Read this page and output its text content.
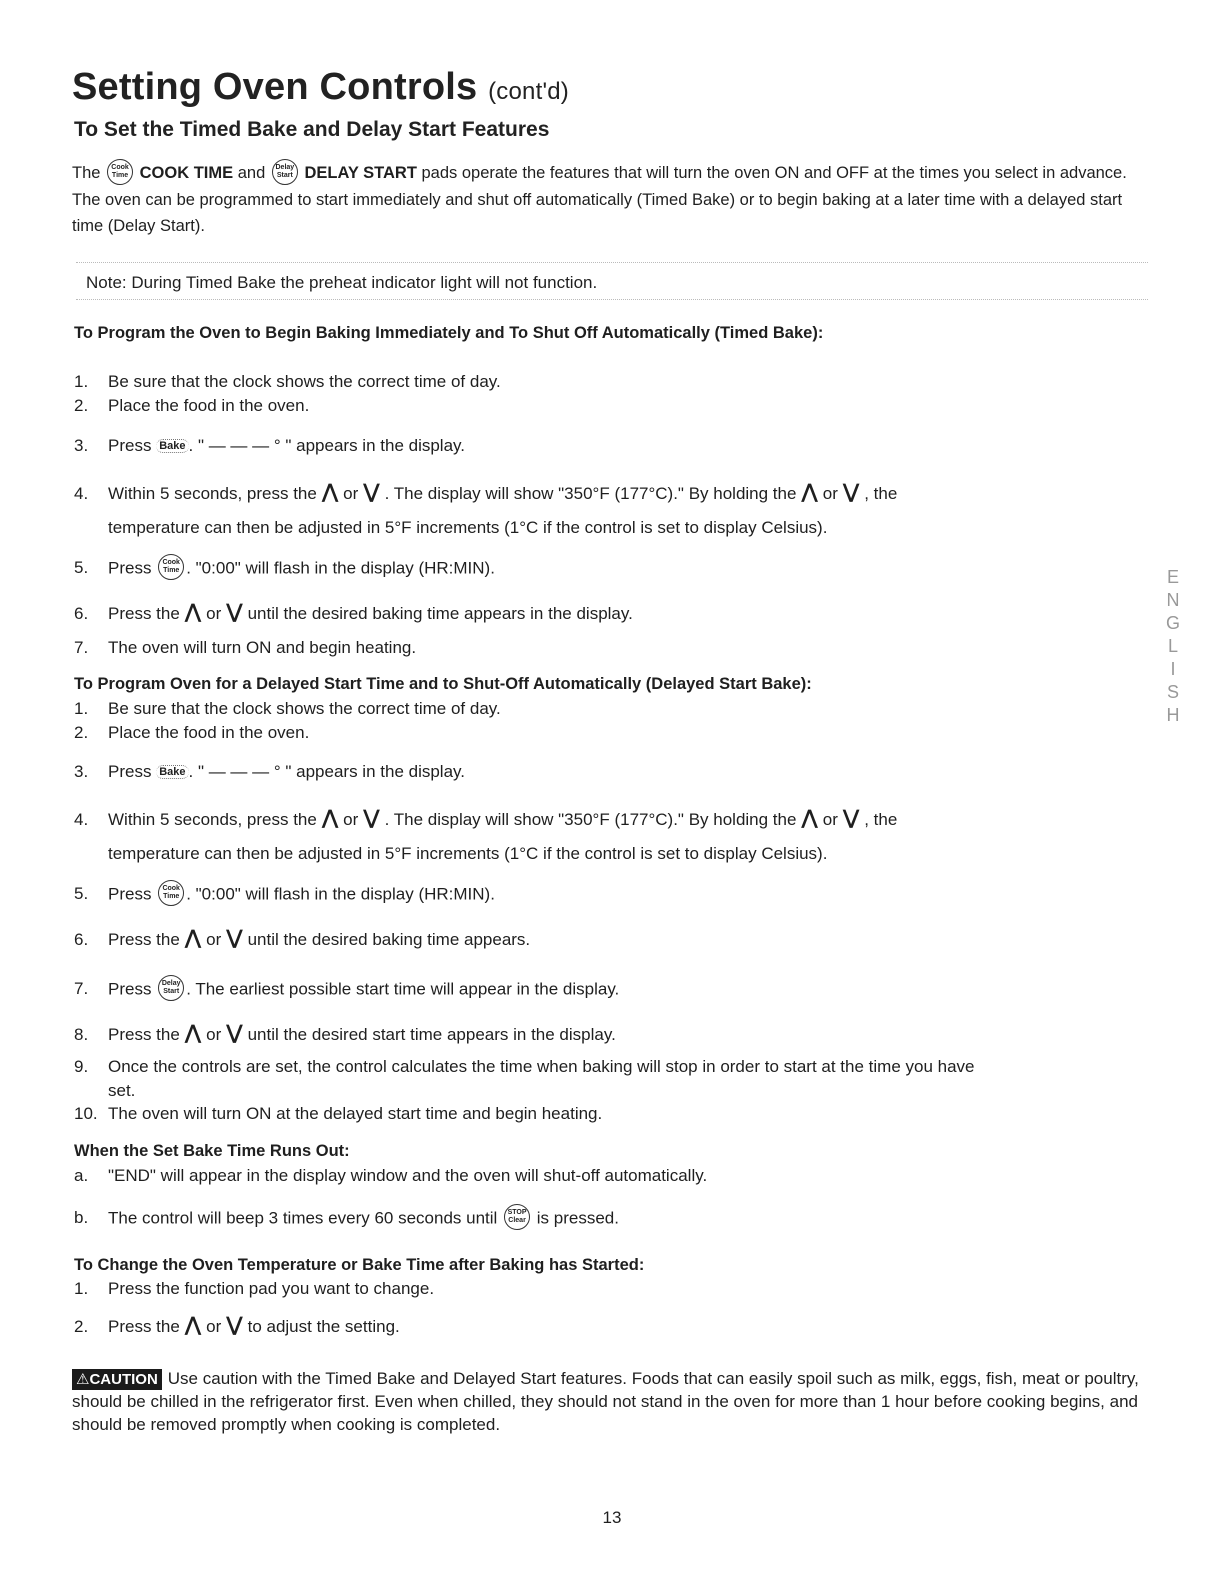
Setting Oven Controls (cont'd)
To Set the Timed Bake and Delay Start Features
The Cook
Time COOK TIME and Delay
Start DELAY START pads operate the features that will turn the oven ON and OFF at the times you select in advance. The oven can be programmed to start immediately and shut off automatically (Timed Bake) or to begin baking at a later time with a delayed start time (Delay Start).
Note: During Timed Bake the preheat indicator light will not function.
To Program the Oven to Begin Baking Immediately and To Shut Off Automatically (Timed Bake):
1. Be sure that the clock shows the correct time of day.
2. Place the food in the oven.
3. Press Bake . " — — — ° " appears in the display.
4. Within 5 seconds, press the ⋀ or ⋁ . The display will show "350°F (177°C)." By holding the ⋀ or ⋁ , the
temperature can then be adjusted in 5°F increments (1°C if the control is set to display Celsius).
5. Press Cook
Time . "0:00" will flash in the display (HR:MIN).
6. Press the ⋀ or ⋁ until the desired baking time appears in the display.
7. The oven will turn ON and begin heating.
To Program Oven for a Delayed Start Time and to Shut-Off Automatically (Delayed Start Bake):
1. Be sure that the clock shows the correct time of day.
2. Place the food in the oven.
3. Press Bake . " — — — ° " appears in the display.
4. Within 5 seconds, press the ⋀ or ⋁ . The display will show "350°F (177°C)." By holding the ⋀ or ⋁ , the
temperature can then be adjusted in 5°F increments (1°C if the control is set to display Celsius).
5. Press Cook
Time . "0:00" will flash in the display (HR:MIN).
6. Press the ⋀ or ⋁ until the desired baking time appears.
7. Press Delay
Start . The earliest possible start time will appear in the display.
8. Press the ⋀ or ⋁ until the desired start time appears in the display.
9. Once the controls are set, the control calculates the time when baking will stop in order to start at the time you have
set.
10. The oven will turn ON at the delayed start time and begin heating.
When the Set Bake Time Runs Out:
a. "END" will appear in the display window and the oven will shut-off automatically.
b. The control will beep 3 times every 60 seconds until STOP
Clear is pressed.
To Change the Oven Temperature or Bake Time after Baking has Started:
1. Press the function pad you want to change.
2. Press the ⋀ or ⋁ to adjust the setting.
⚠CAUTION Use caution with the Timed Bake and Delayed Start features. Foods that can easily spoil such as milk, eggs, fish, meat or poultry, should be chilled in the refrigerator first. Even when chilled, they should not stand in the oven for more than 1 hour before cooking begins, and should be removed promptly when cooking is completed.
E
N
G
L
I
S
H
13
